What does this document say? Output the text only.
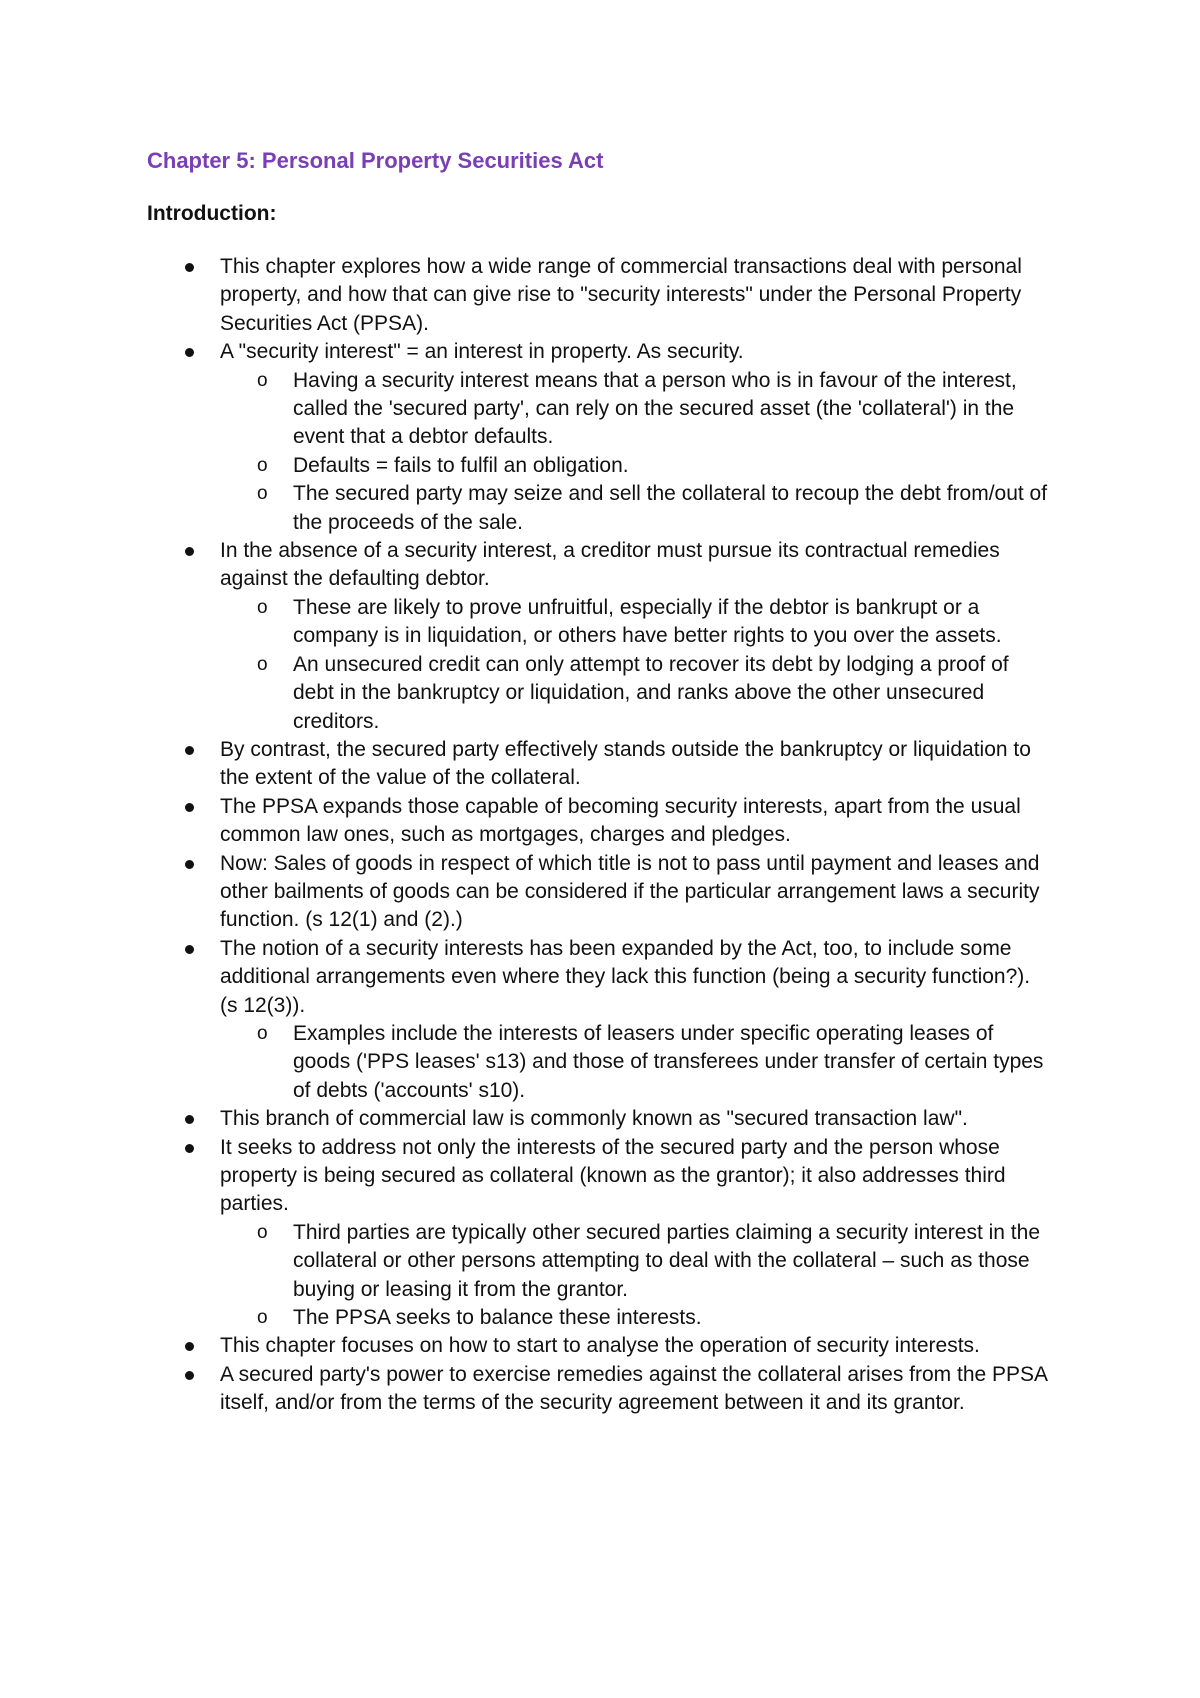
Chapter 5: Personal Property Securities Act
Introduction:
This chapter explores how a wide range of commercial transactions deal with personal property, and how that can give rise to "security interests" under the Personal Property Securities Act (PPSA).
A "security interest" = an interest in property. As security.
o Having a security interest means that a person who is in favour of the interest, called the 'secured party', can rely on the secured asset (the 'collateral') in the event that a debtor defaults.
o Defaults = fails to fulfil an obligation.
o The secured party may seize and sell the collateral to recoup the debt from/out of the proceeds of the sale.
In the absence of a security interest, a creditor must pursue its contractual remedies against the defaulting debtor.
o These are likely to prove unfruitful, especially if the debtor is bankrupt or a company is in liquidation, or others have better rights to you over the assets.
o An unsecured credit can only attempt to recover its debt by lodging a proof of debt in the bankruptcy or liquidation, and ranks above the other unsecured creditors.
By contrast, the secured party effectively stands outside the bankruptcy or liquidation to the extent of the value of the collateral.
The PPSA expands those capable of becoming security interests, apart from the usual common law ones, such as mortgages, charges and pledges.
Now: Sales of goods in respect of which title is not to pass until payment and leases and other bailments of goods can be considered if the particular arrangement laws a security function. (s 12(1) and (2).)
The notion of a security interests has been expanded by the Act, too, to include some additional arrangements even where they lack this function (being a security function?). (s 12(3)).
o Examples include the interests of leasers under specific operating leases of goods ('PPS leases' s13) and those of transferees under transfer of certain types of debts ('accounts' s10).
This branch of commercial law is commonly known as "secured transaction law".
It seeks to address not only the interests of the secured party and the person whose property is being secured as collateral (known as the grantor); it also addresses third parties.
o Third parties are typically other secured parties claiming a security interest in the collateral or other persons attempting to deal with the collateral – such as those buying or leasing it from the grantor.
o The PPSA seeks to balance these interests.
This chapter focuses on how to start to analyse the operation of security interests.
A secured party's power to exercise remedies against the collateral arises from the PPSA itself, and/or from the terms of the security agreement between it and its grantor.
